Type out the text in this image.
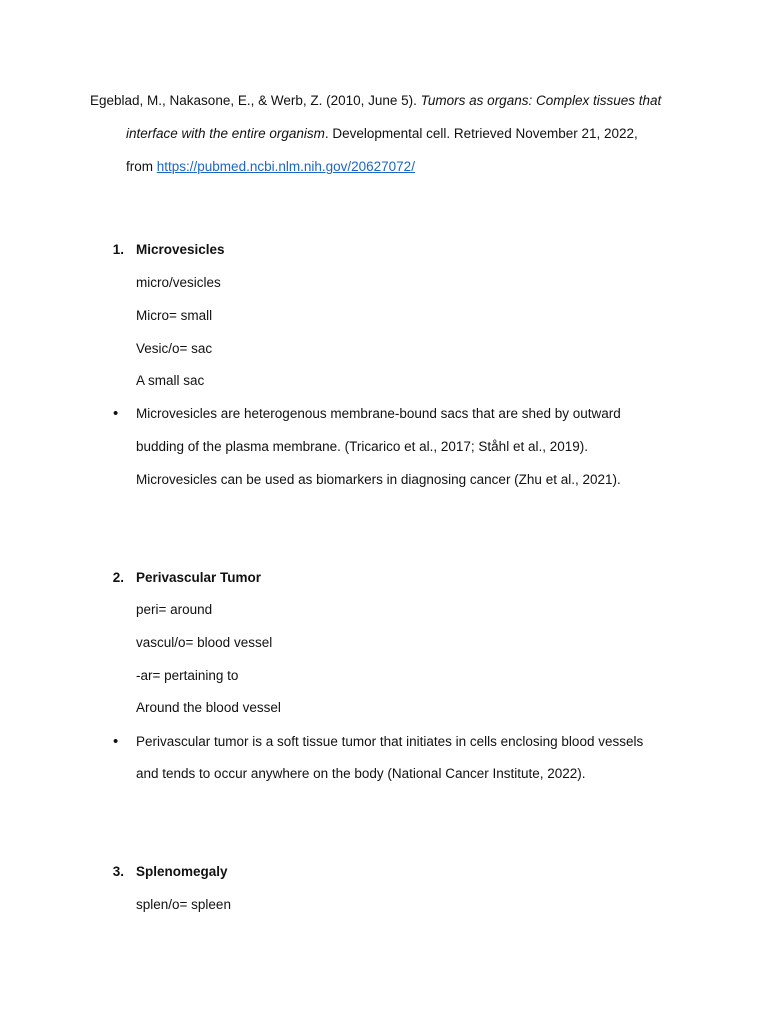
Egeblad, M., Nakasone, E., & Werb, Z. (2010, June 5). Tumors as organs: Complex tissues that
interface with the entire organism. Developmental cell. Retrieved November 21, 2022,
from https://pubmed.ncbi.nlm.nih.gov/20627072/
1. Microvesicles
micro/vesicles
Micro= small
Vesic/o= sac
A small sac
• Microvesicles are heterogenous membrane-bound sacs that are shed by outward
budding of the plasma membrane. (Tricarico et al., 2017; Ståhl et al., 2019).
Microvesicles can be used as biomarkers in diagnosing cancer (Zhu et al., 2021).
2. Perivascular Tumor
peri= around
vascul/o= blood vessel
-ar= pertaining to
Around the blood vessel
• Perivascular tumor is a soft tissue tumor that initiates in cells enclosing blood vessels
and tends to occur anywhere on the body (National Cancer Institute, 2022).
3. Splenomegaly
splen/o= spleen
